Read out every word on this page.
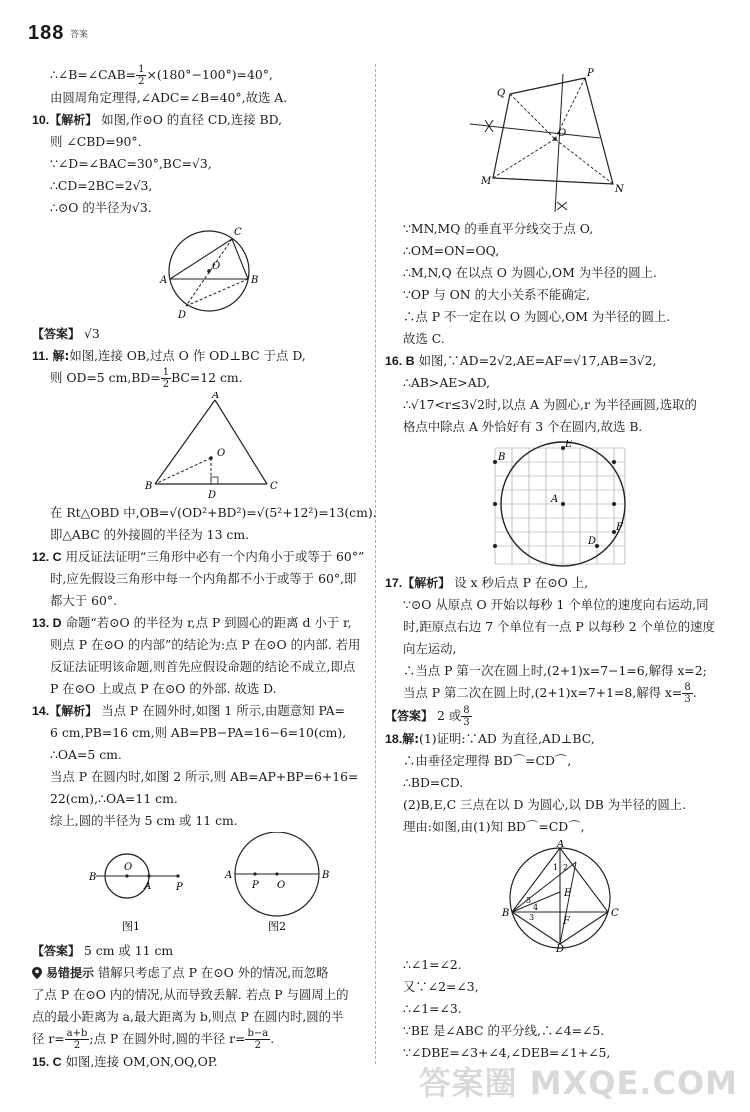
188 答案
∴∠B=∠CAB= $\frac{1}{2} \times(180^\circ-100^\circ)=40^\circ$,
由圆周角定理得,∠ADC=∠B=40°,故选 A.
10.【解析】 如图,作⊙O 的直径 CD,连接 BD,
则 ∠CBD=90°.
∵∠D=∠BAC=30°,BC=√3,
∴CD=2BC=2√3,
∴⊙O 的半径为√3.
C
O
A	B
D
【答案】 √3
11. 解:如图,连接 OB,过点 O 作 OD⊥BC 于点 D,
则 OD=5 $cm,BD= \frac{1}{2} BC=12$ cm.
A
O
B
D
C
在 Rt△OBD 中,OB=√(OD²+BD²)=√(5²+12²)=13(cm).
即△ABC 的外接圆的半径为 13 cm.
12. C 用反证法证明“三角形中必有一个内角小于或等于 60°”
时,应先假设三角形中每一个内角都不小于或等于 60°,即
都大于 60°.
13. D 命题“若⊙O 的半径为 r,点 P 到圆心的距离 d 小于 r,
则点 P 在⊙O 的内部”的结论为:点 P 在⊙O 的内部. 若用
反证法证明该命题,则首先应假设命题的结论不成立,即点
P 在⊙O 上或点 P 在⊙O 的外部. 故选 D.
14.【解析】 当点 P 在圆外时,如图 1 所示,由题意知 PA=
6 cm,PB=16 cm,则 AB=PB−PA=16−6=10(cm),
∴OA=5 cm.
当点 P 在圆内时,如图 2 所示,则 AB=AP+BP=6+16=
22(cm),∴OA=11 cm.
综上,圆的半径为 5 cm 或 11 cm.
B
O
A P
图1
A
P O
B
图2
【答案】 5 cm 或 11 cm
易错提示 错解只考虑了点 P 在⊙O 外的情况,而忽略
了点 P 在⊙O 内的情况,从而导致丢解. 若点 P 与圆周上的
点的最小距离为 a,最大距离为 b,则点 P 在圆内时,圆的半
径 $r= \frac{a+b}{2}$ ;点 P 在圆外时,圆的半径 $r= \frac{b-a}{2}$ .
15. C 如图,连接 OM,ON,OQ,OP.
P
Q
O
M
N
∵MN,MQ 的垂直平分线交于点 O,
∴OM=ON=OQ,
∴M,N,Q 在以点 O 为圆心,OM 为半径的圆上.
∵OP 与 ON 的大小关系不能确定,
∴点 P 不一定在以 O 为圆心,OM 为半径的圆上.
故选 C.
16. B 如图,∵AD=2√2,AE=AF=√17,AB=3√2,
∴AB>AE>AD,
∴√17<r≤3√2时,以点 A 为圆心,r 为半径画圆,选取的
格点中除点 A 外恰好有 3 个在圆内,故选 B.
E
B
A
D
F
17.【解析】 设 x 秒后点 P 在⊙O 上,
∵⊙O 从原点 O 开始以每秒 1 个单位的速度向右运动,同
时,距原点右边 7 个单位有一点 P 以每秒 2 个单位的速度
向左运动,
∴当点 P 第一次在圆上时,(2+1)x=7−1=6,解得 x=2;
当点 P 第二次在圆上时,(2+1)x=7+1=8,解得 $x= \frac{8}{3}$ .
【答案】 2 或 $\frac{8}{3}$
18.解:(1)证明:∵AD 为直径,AD⊥BC,
∴由垂径定理得 BD⌒=CD⌒,
∴BD=CD.
(2)B,E,C 三点在以 D 为圆心,以 DB 为半径的圆上.
理由:如图,由(1)知 BD⌒=CD⌒,
A
B	C
D
E
F
1 2
3
4
5
∴∠1=∠2.
又∵∠2=∠3,
∴∠1=∠3.
∵BE 是∠ABC 的平分线,∴∠4=∠5.
∵∠DBE=∠3+∠4,∠DEB=∠1+∠5,
答案圈 MXQE.COM
